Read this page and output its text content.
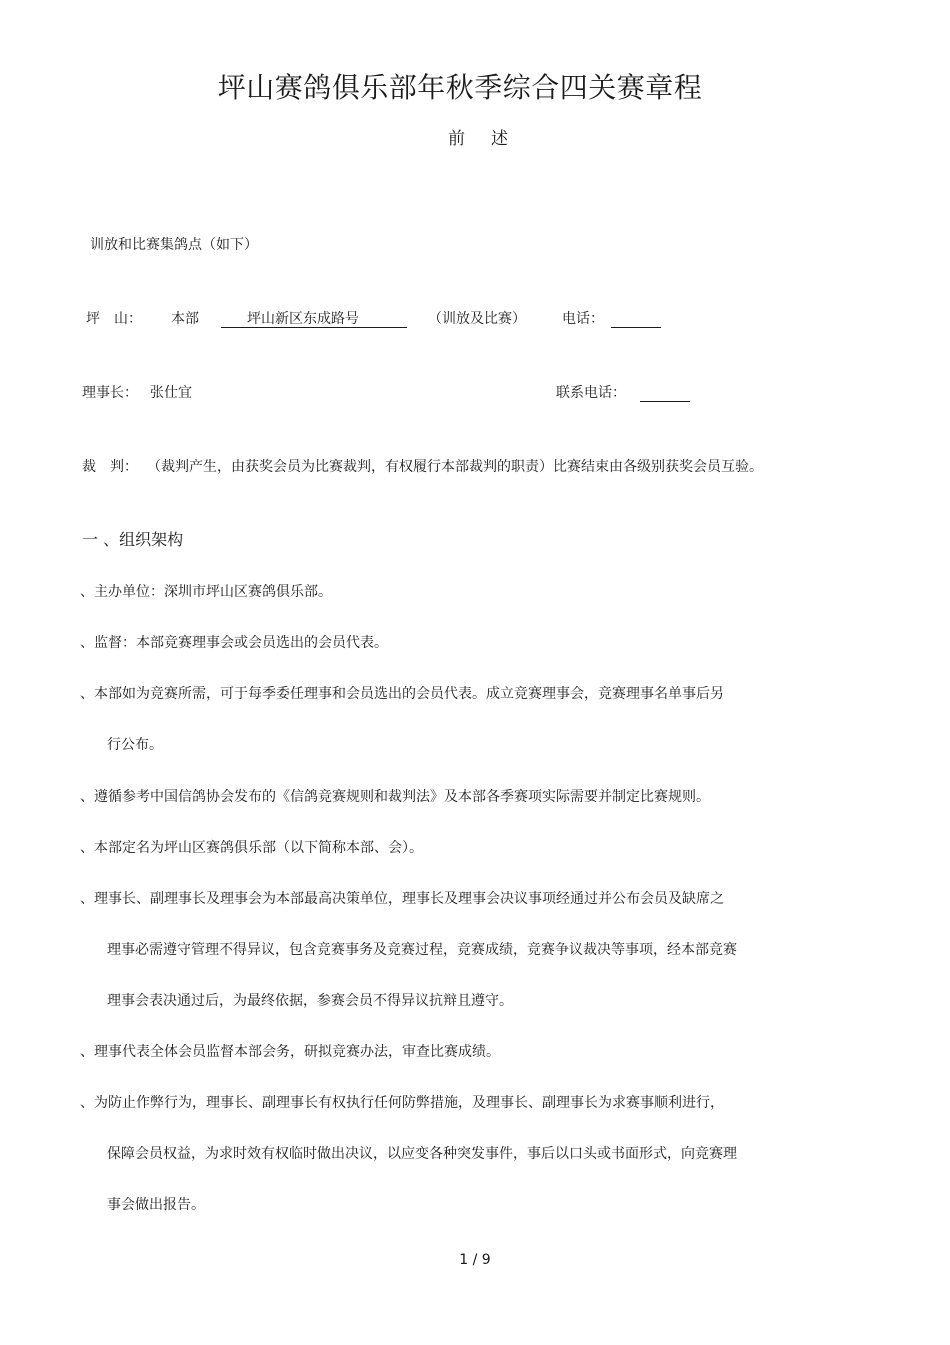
坪山赛鸽俱乐部年秋季综合四关赛章程
前 述
训放和比赛集鸽点（如下）
坪　山： 本部	坪山新区东成路号	（训放及比赛）	电话：
理事长： 张仕宜	联系电话：
裁　判： （裁判产生，由获奖会员为比赛裁判，有权履行本部裁判的职责）比赛结束由各级别获奖会员互验。
一 、组织架构
、主办单位：深圳市坪山区赛鸽俱乐部。
、监督：本部竞赛理事会或会员选出的会员代表。
、本部如为竞赛所需，可于每季委任理事和会员选出的会员代表。成立竞赛理事会，竞赛理事名单事后另
行公布。
、遵循参考中国信鸽协会发布的《信鸽竞赛规则和裁判法》及本部各季赛项实际需要并制定比赛规则。
、本部定名为坪山区赛鸽俱乐部（以下简称本部、会）。
、理事长、副理事长及理事会为本部最高决策单位，理事长及理事会决议事项经通过并公布会员及缺席之
理事必需遵守管理不得异议，包含竞赛事务及竞赛过程，竞赛成绩，竞赛争议裁决等事项，经本部竞赛
理事会表决通过后，为最终依据，参赛会员不得异议抗辩且遵守。
、理事代表全体会员监督本部会务，研拟竞赛办法，审查比赛成绩。
、为防止作弊行为，理事长、副理事长有权执行任何防弊措施，及理事长、副理事长为求赛事顺利进行，
保障会员权益，为求时效有权临时做出决议，以应变各种突发事件，事后以口头或书面形式，向竞赛理
事会做出报告。
1 / 9
